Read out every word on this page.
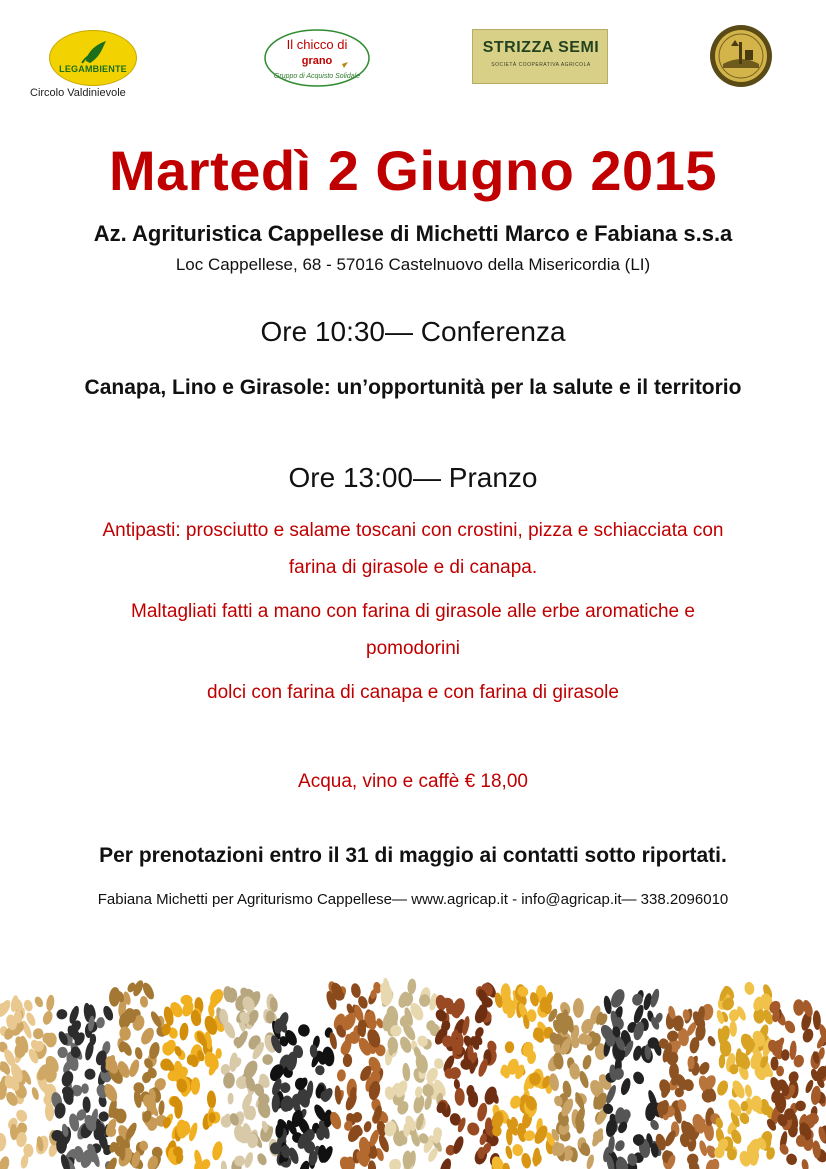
LEGAMBIENTE
Circolo Valdinievole
Il chicco di
grano
Gruppo di Acquisto Solidale
STRIZZA SEMI
SOCIETÀ COOPERATIVA AGRICOLA
Martedì 2 Giugno 2015
Az. Agrituristica Cappellese di Michetti Marco e Fabiana s.s.a
Loc Cappellese, 68 - 57016 Castelnuovo della Misericordia (LI)
Ore 10:30— Conferenza
Canapa, Lino e Girasole: un’opportunità per la salute e il territorio
Ore 13:00— Pranzo
Antipasti: prosciutto e salame toscani con crostini, pizza e schiacciata con
farina di girasole e di canapa.
Maltagliati fatti a mano con farina di girasole alle erbe aromatiche e
pomodorini
dolci con farina di canapa e con farina di girasole
Acqua, vino e caffè € 18,00
Per prenotazioni entro il 31 di maggio ai contatti sotto riportati.
Fabiana Michetti per Agriturismo Cappellese— www.agricap.it - info@agricap.it— 338.2096010
